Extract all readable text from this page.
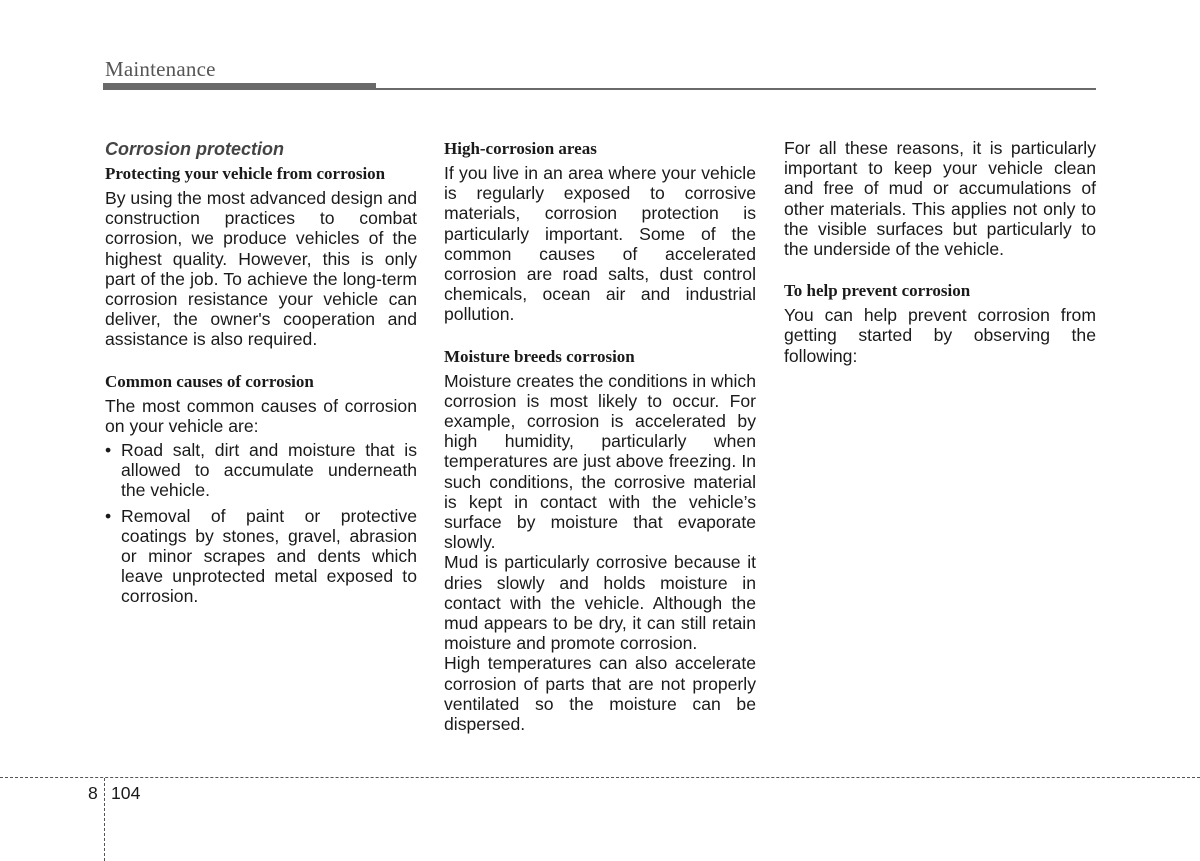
Maintenance
Corrosion protection
Protecting your vehicle from corrosion

By using the most advanced design and construction practices to combat corrosion, we produce vehicles of the highest quality. However, this is only part of the job. To achieve the long-term corrosion resistance your vehicle can deliver, the owner's cooperation and assistance is also required.

Common causes of corrosion

The most common causes of corrosion on your vehicle are:

• Road salt, dirt and moisture that is allowed to accumulate underneath the vehicle.
• Removal of paint or protective coatings by stones, gravel, abrasion or minor scrapes and dents which leave unprotected metal exposed to corrosion.
High-corrosion areas

If you live in an area where your vehicle is regularly exposed to corrosive materials, corrosion protection is particularly important. Some of the common causes of accelerated corrosion are road salts, dust control chemicals, ocean air and industrial pollution.

Moisture breeds corrosion

Moisture creates the conditions in which corrosion is most likely to occur. For example, corrosion is accelerated by high humidity, particularly when temperatures are just above freezing. In such conditions, the corrosive material is kept in contact with the vehicle’s surface by moisture that evaporate slowly.

Mud is particularly corrosive because it dries slowly and holds moisture in contact with the vehicle. Although the mud appears to be dry, it can still retain moisture and promote corrosion.

High temperatures can also accelerate corrosion of parts that are not properly ventilated so the moisture can be dispersed.

For all these reasons, it is particularly important to keep your vehicle clean and free of mud or accumulations of other materials. This applies not only to the visible surfaces but particularly to the underside of the vehicle.

To help prevent corrosion

You can help prevent corrosion from getting started by observing the following:

8 104
